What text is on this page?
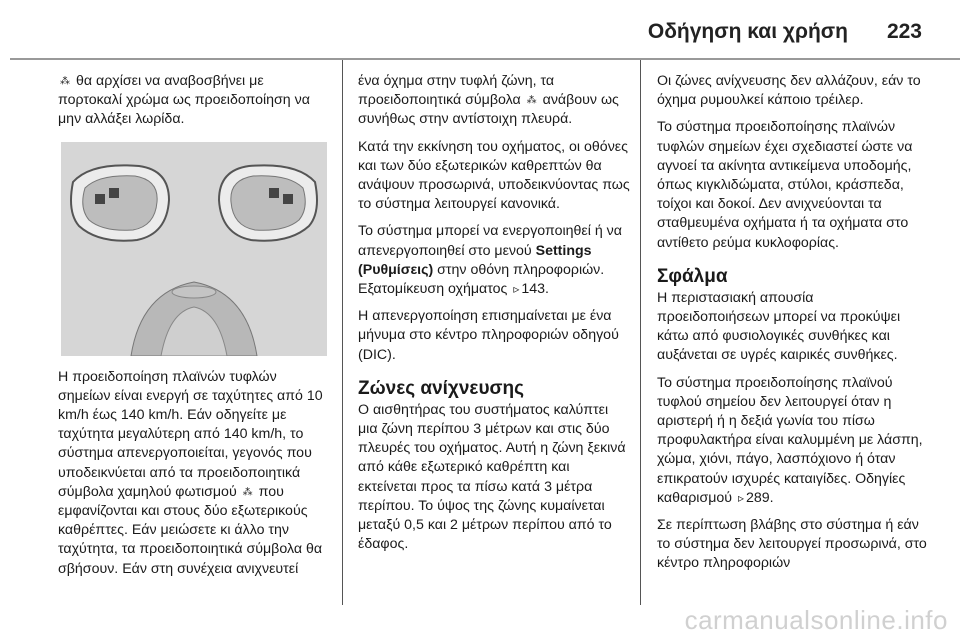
Οδήγηση και χρήση 223

⁂ θα αρχίσει να αναβοσβήνει με πορτοκαλί χρώμα ως προειδοποίηση να μην αλλάξει λωρίδα.

Η προειδοποίηση πλαϊνών τυφλών σημείων είναι ενεργή σε ταχύτητες από 10 km/h έως 140 km/h. Εάν οδηγείτε με ταχύτητα μεγαλύτερη από 140 km/h, το σύστημα απενεργοποιείται, γεγονός που υποδεικνύεται από τα προειδοποιητικά σύμβολα χαμηλού φωτισμού ⁂ που εμφανίζονται και στους δύο εξωτερικούς καθρέπτες. Εάν μειώσετε κι άλλο την ταχύτητα, τα προειδοποιητικά σύμβολα θα σβήσουν. Εάν στη συνέχεια ανιχνευτεί

ένα όχημα στην τυφλή ζώνη, τα προειδοποιητικά σύμβολα ⁂ ανάβουν ως συνήθως στην αντίστοιχη πλευρά.

Κατά την εκκίνηση του οχήματος, οι οθόνες και των δύο εξωτερικών καθρεπτών θα ανάψουν προσωρινά, υποδεικνύοντας πως το σύστημα λειτουργεί κανονικά.

Το σύστημα μπορεί να ενεργοποιηθεί ή να απενεργοποιηθεί στο μενού Settings (Ρυθμίσεις) στην οθόνη πληροφοριών. Εξατομίκευση οχήματος ▹ 143.

Η απενεργοποίηση επισημαίνεται με ένα μήνυμα στο κέντρο πληροφοριών οδηγού (DIC).

Ζώνες ανίχνευσης

Ο αισθητήρας του συστήματος καλύπτει μια ζώνη περίπου 3 μέτρων και στις δύο πλευρές του οχήματος. Αυτή η ζώνη ξεκινά από κάθε εξωτερικό καθρέπτη και εκτείνεται προς τα πίσω κατά 3 μέτρα περίπου. Το ύψος της ζώνης κυμαίνεται μεταξύ 0,5 και 2 μέτρων περίπου από το έδαφος.

Οι ζώνες ανίχνευσης δεν αλλάζουν, εάν το όχημα ρυμουλκεί κάποιο τρέιλερ.

Το σύστημα προειδοποίησης πλαϊνών τυφλών σημείων έχει σχεδιαστεί ώστε να αγνοεί τα ακίνητα αντικείμενα υποδομής, όπως κιγκλιδώματα, στύλοι, κράσπεδα, τοίχοι και δοκοί. Δεν ανιχνεύονται τα σταθμευμένα οχήματα ή τα οχήματα στο αντίθετο ρεύμα κυκλοφορίας.

Σφάλμα

Η περιστασιακή απουσία προειδοποιήσεων μπορεί να προκύψει κάτω από φυσιολογικές συνθήκες και αυξάνεται σε υγρές καιρικές συνθήκες.

Το σύστημα προειδοποίησης πλαϊνού τυφλού σημείου δεν λειτουργεί όταν η αριστερή ή η δεξιά γωνία του πίσω προφυλακτήρα είναι καλυμμένη με λάσπη, χώμα, χιόνι, πάγο, λασπόχιονο ή όταν επικρατούν ισχυρές καταιγίδες. Οδηγίες καθαρισμού ▹ 289.

Σε περίπτωση βλάβης στο σύστημα ή εάν το σύστημα δεν λειτουργεί προσωρινά, στο κέντρο πληροφοριών

carmanualsonline.info
